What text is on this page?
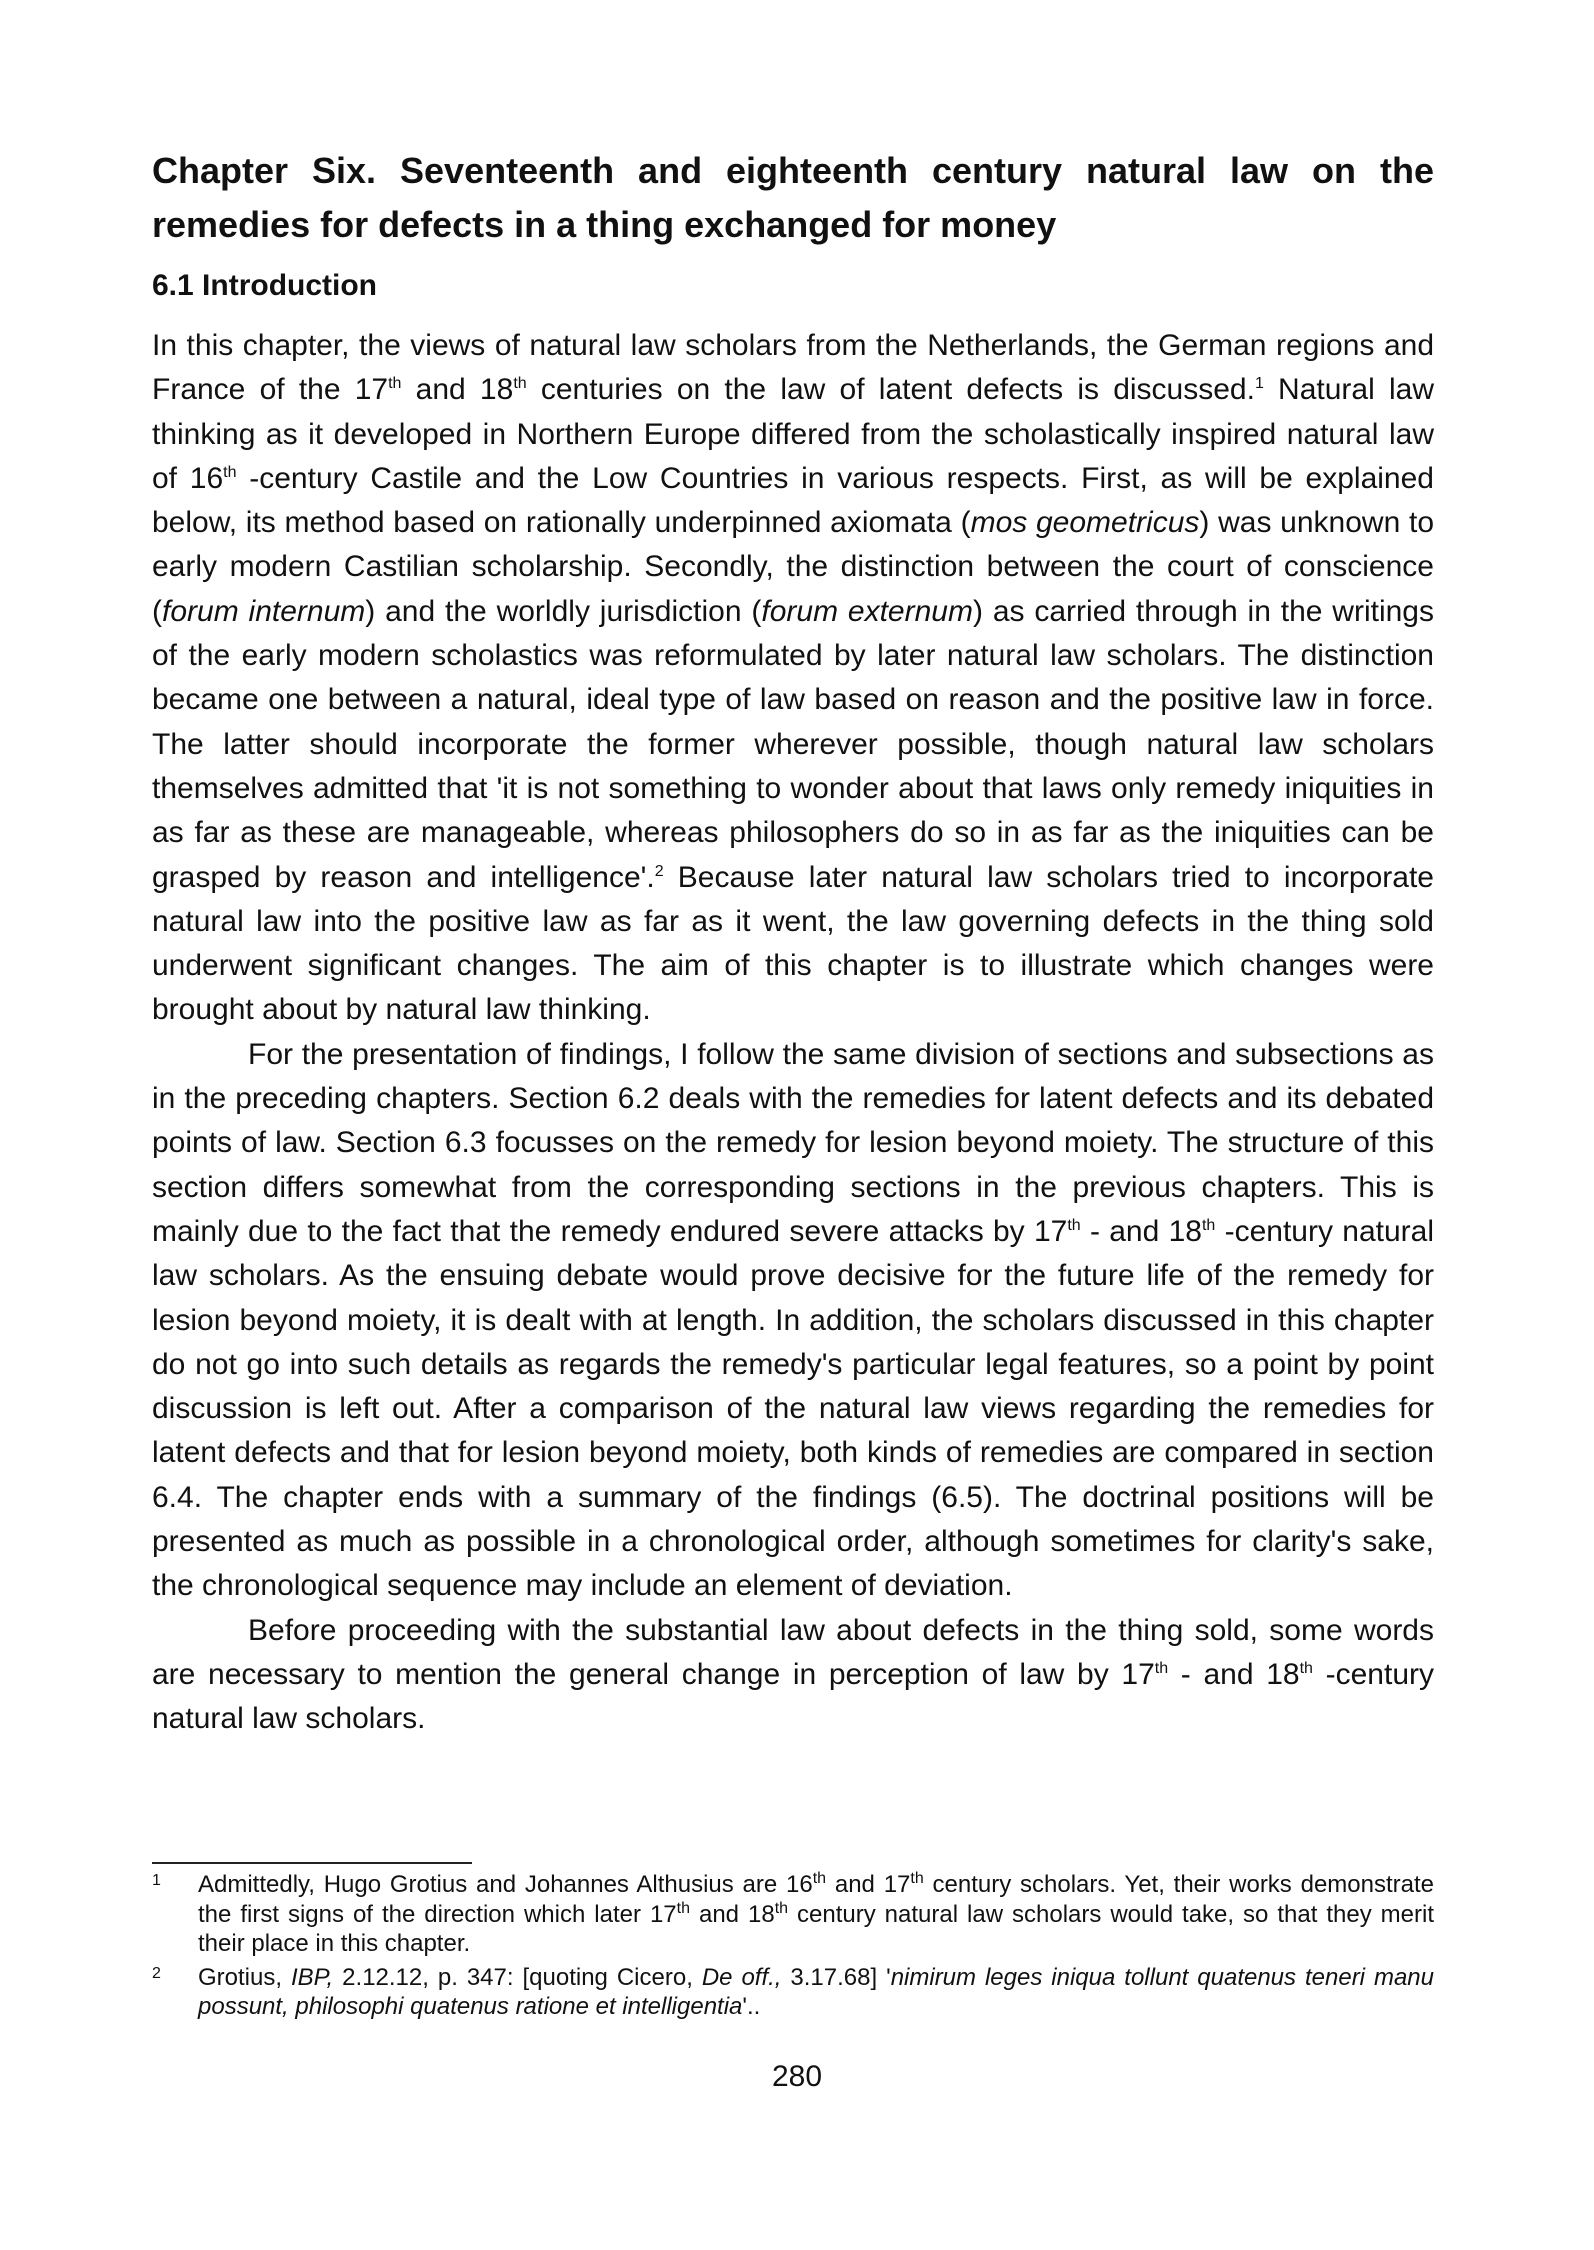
Chapter Six. Seventeenth and eighteenth century natural law on the remedies for defects in a thing exchanged for money
6.1 Introduction

In this chapter, the views of natural law scholars from the Netherlands, the German regions and France of the 17th and 18th centuries on the law of latent defects is discussed.$^1$ Natural law thinking as it developed in Northern Europe differed from the scholastically inspired natural law of 16th -century Castile and the Low Countries in various respects. First, as will be explained below, its method based on rationally underpinned axiomata (mos geometricus) was unknown to early modern Castilian scholarship. Secondly, the distinction between the court of conscience (forum internum) and the worldly jurisdiction (forum externum) as carried through in the writings of the early modern scholastics was reformulated by later natural law scholars. The distinction became one between a natural, ideal type of law based on reason and the positive law in force. The latter should incorporate the former wherever possible, though natural law scholars themselves admitted that 'it is not something to wonder about that laws only remedy iniquities in as far as these are manageable, whereas philosophers do so in as far as the iniquities can be grasped by reason and intelligence'.$^2$ Because later natural law scholars tried to incorporate natural law into the positive law as far as it went, the law governing defects in the thing sold underwent significant changes. The aim of this chapter is to illustrate which changes were brought about by natural law thinking.

For the presentation of findings, I follow the same division of sections and subsections as in the preceding chapters. Section 6.2 deals with the remedies for latent defects and its debated points of law. Section 6.3 focusses on the remedy for lesion beyond moiety. The structure of this section differs somewhat from the corresponding sections in the previous chapters. This is mainly due to the fact that the remedy endured severe attacks by 17th - and 18th -century natural law scholars. As the ensuing debate would prove decisive for the future life of the remedy for lesion beyond moiety, it is dealt with at length. In addition, the scholars discussed in this chapter do not go into such details as regards the remedy's particular legal features, so a point by point discussion is left out. After a comparison of the natural law views regarding the remedies for latent defects and that for lesion beyond moiety, both kinds of remedies are compared in section 6.4. The chapter ends with a summary of the findings (6.5). The doctrinal positions will be presented as much as possible in a chronological order, although sometimes for clarity's sake, the chronological sequence may include an element of deviation.

Before proceeding with the substantial law about defects in the thing sold, some words are necessary to mention the general change in perception of law by 17th - and 18th -century natural law scholars.

1 Admittedly, Hugo Grotius and Johannes Althusius are 16th and 17th century scholars. Yet, their works demonstrate the first signs of the direction which later 17th and 18th century natural law scholars would take, so that they merit their place in this chapter.
2 Grotius, IBP, 2.12.12, p. 347: [quoting Cicero, De off., 3.17.68] 'nimirum leges iniqua tollunt quatenus teneri manu possunt, philosophi quatenus ratione et intelligentia'..
280
